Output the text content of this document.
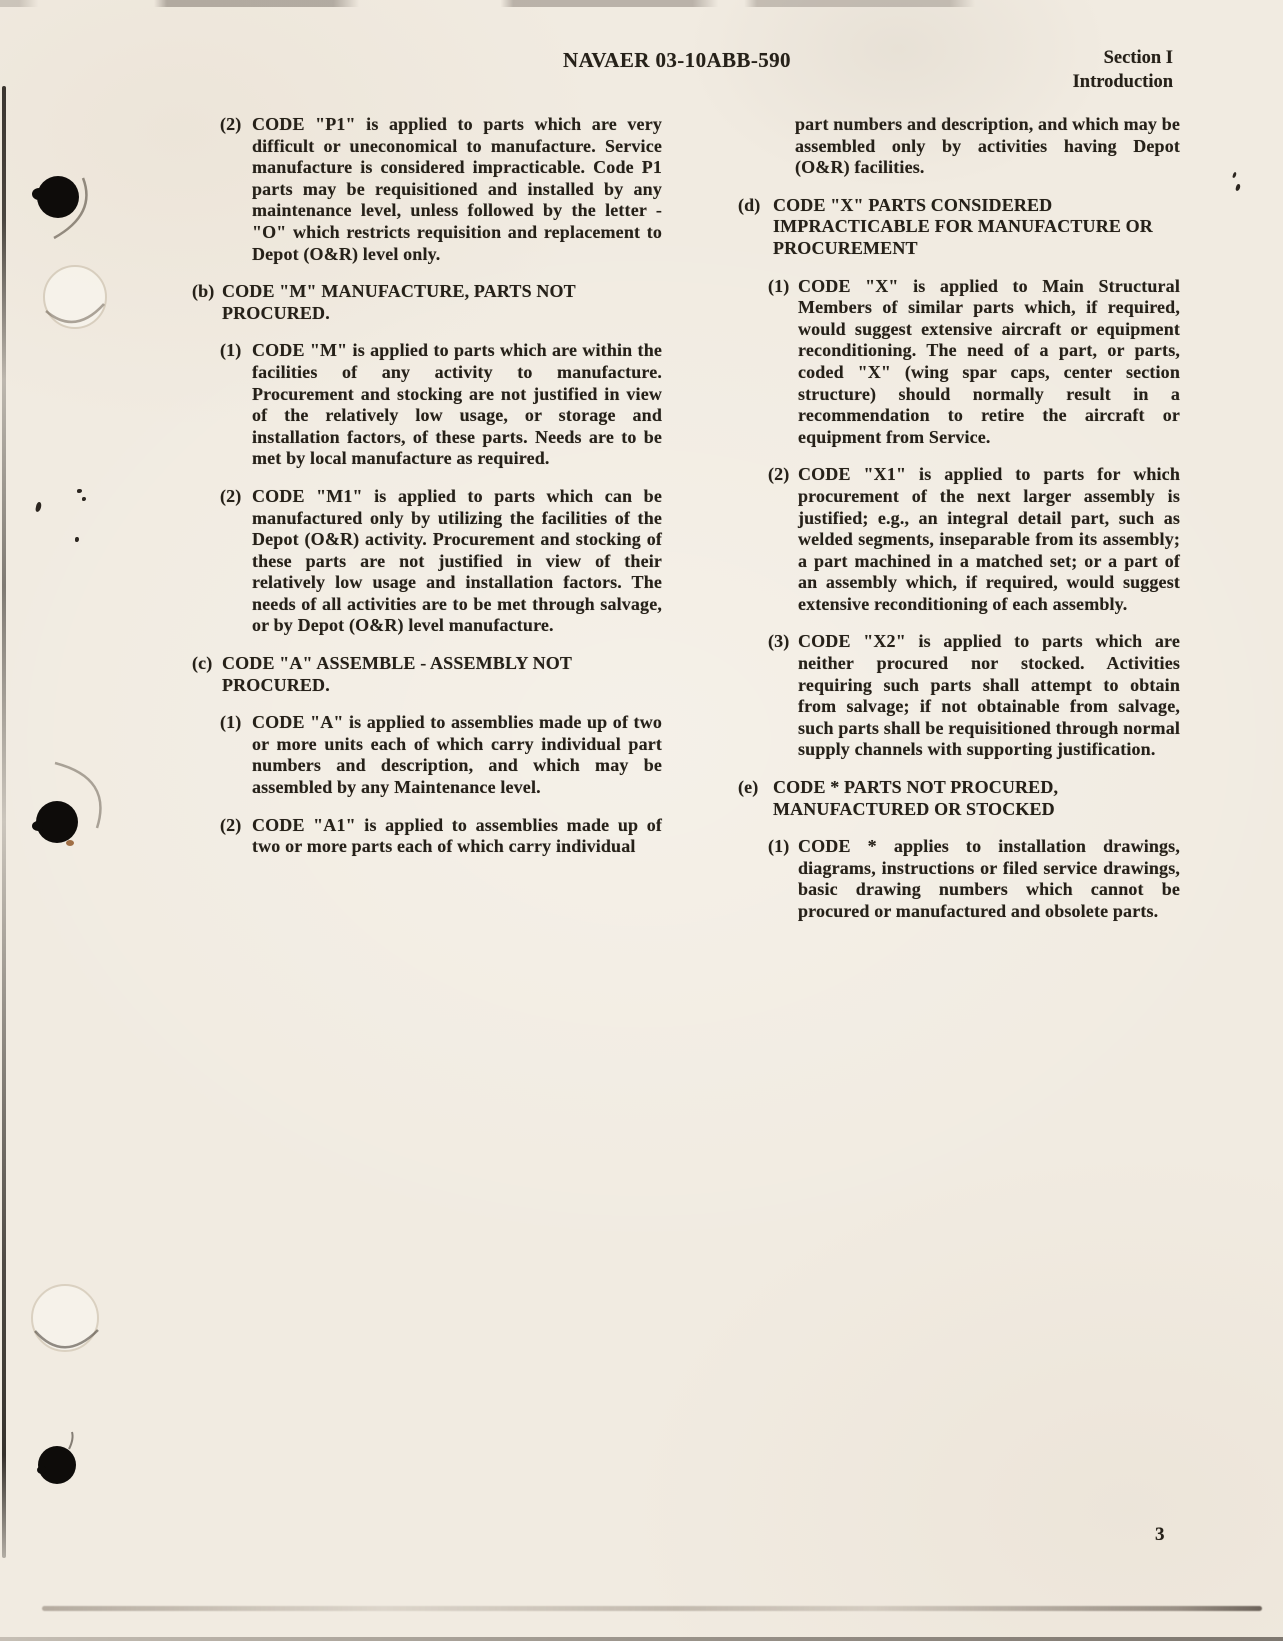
NAVAER 03-10ABB-590	Section I
Introduction
(2) CODE "P1" is applied to parts which are very difficult or uneconomical to manufacture. Service manufacture is considered impracticable. Code P1 parts may be requisitioned and installed by any maintenance level, unless followed by the letter - "O" which restricts requisition and replacement to Depot (O&R) level only.
(b) CODE "M" MANUFACTURE, PARTS NOT PROCURED.
(1) CODE "M" is applied to parts which are within the facilities of any activity to manufacture. Procurement and stocking are not justified in view of the relatively low usage, or storage and installation factors, of these parts. Needs are to be met by local manufacture as required.
(2) CODE "M1" is applied to parts which can be manufactured only by utilizing the facilities of the Depot (O&R) activity. Procurement and stocking of these parts are not justified in view of their relatively low usage and installation factors. The needs of all activities are to be met through salvage, or by Depot (O&R) level manufacture.
(c) CODE "A" ASSEMBLE - ASSEMBLY NOT PROCURED.
(1) CODE "A" is applied to assemblies made up of two or more units each of which carry individual part numbers and description, and which may be assembled by any Maintenance level.
(2) CODE "A1" is applied to assemblies made up of two or more parts each of which carry individual
part numbers and description, and which may be assembled only by activities having Depot (O&R) facilities.
(d) CODE "X" PARTS CONSIDERED IMPRACTICABLE FOR MANUFACTURE OR PROCUREMENT
(1) CODE "X" is applied to Main Structural Members of similar parts which, if required, would suggest extensive aircraft or equipment reconditioning. The need of a part, or parts, coded "X" (wing spar caps, center section structure) should normally result in a recommendation to retire the aircraft or equipment from Service.
(2) CODE "X1" is applied to parts for which procurement of the next larger assembly is justified; e.g., an integral detail part, such as welded segments, inseparable from its assembly; a part machined in a matched set; or a part of an assembly which, if required, would suggest extensive reconditioning of each assembly.
(3) CODE "X2" is applied to parts which are neither procured nor stocked. Activities requiring such parts shall attempt to obtain from salvage; if not obtainable from salvage, such parts shall be requisitioned through normal supply channels with supporting justification.
(e) CODE * PARTS NOT PROCURED, MANUFACTURED OR STOCKED
(1) CODE * applies to installation drawings, diagrams, instructions or filed service drawings, basic drawing numbers which cannot be procured or manufactured and obsolete parts.
3
